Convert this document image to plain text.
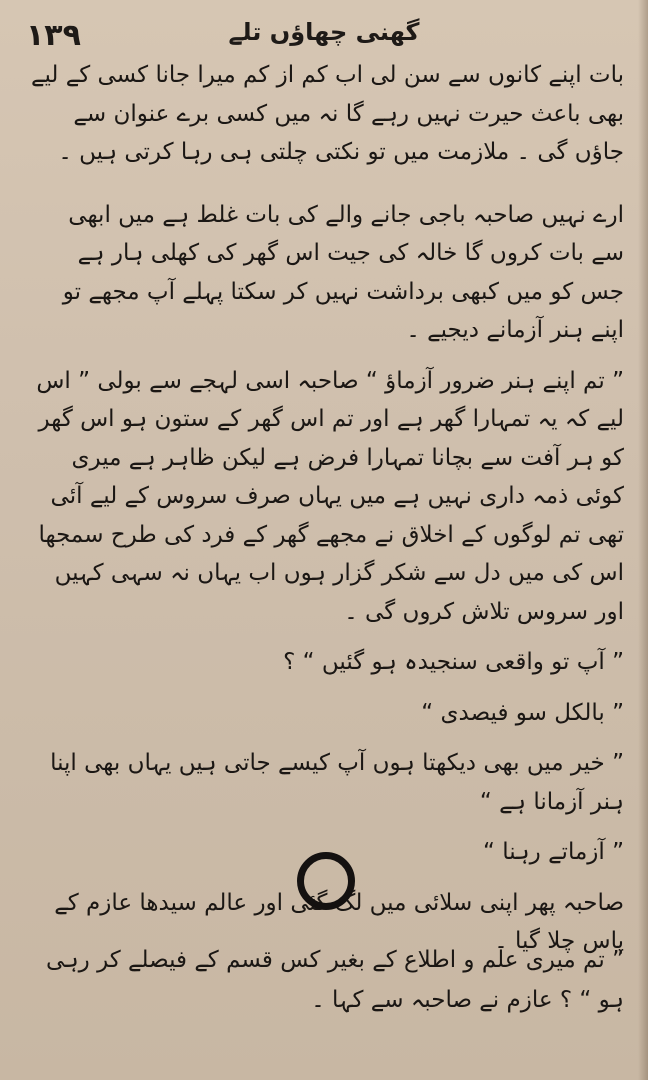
۱۳۹	گھنی چھاؤں تلے

بات اپنے کانوں سے سن لی اب کم از کم میرا جانا کسی کے لیے بھی باعث حیرت نہیں رہے گا نہ میں کسی برے عنوان سے جاؤں گی ۔ ملازمت میں تو نکتی چلتی ہی رہا کرتی ہیں ۔

ارے نہیں صاحبہ باجی جانے والے کی بات غلط ہے میں ابھی سے بات کروں گا خالہ کی جیت اس گھر کی کھلی ہار ہے جس کو میں کبھی برداشت نہیں کر سکتا پہلے آپ مجھے تو اپنے ہنر آزمانے دیجیے ۔

” تم اپنے ہنر ضرور آزماؤ “ صاحبہ اسی لہجے سے بولی ” اس لیے کہ یہ تمہارا گھر ہے اور تم اس گھر کے ستون ہو اس گھر کو ہر آفت سے بچانا تمہارا فرض ہے لیکن ظاہر ہے میری کوئی ذمہ داری نہیں ہے میں یہاں صرف سروس کے لیے آئی تھی تم لوگوں کے اخلاق نے مجھے گھر کے فرد کی طرح سمجھا اس کی میں دل سے شکر گزار ہوں اب یہاں نہ سہی کہیں اور سروس تلاش کروں گی ۔

” آپ تو واقعی سنجیدہ ہو گئیں “ ؟

” بالکل سو فیصدی “

” خیر میں بھی دیکھتا ہوں آپ کیسے جاتی ہیں یہاں بھی اپنا ہنر آزمانا ہے “

” آزماتے رہنا “

صاحبہ پھر اپنی سلائی میں لگ گئی اور عالم سیدھا عازم کے پاس چلا گیا ۔

” تم میری علم و اطلاع کے بغیر کس قسم کے فیصلے کر رہی ہو “ ؟ عازم نے صاحبہ سے کہا ۔
